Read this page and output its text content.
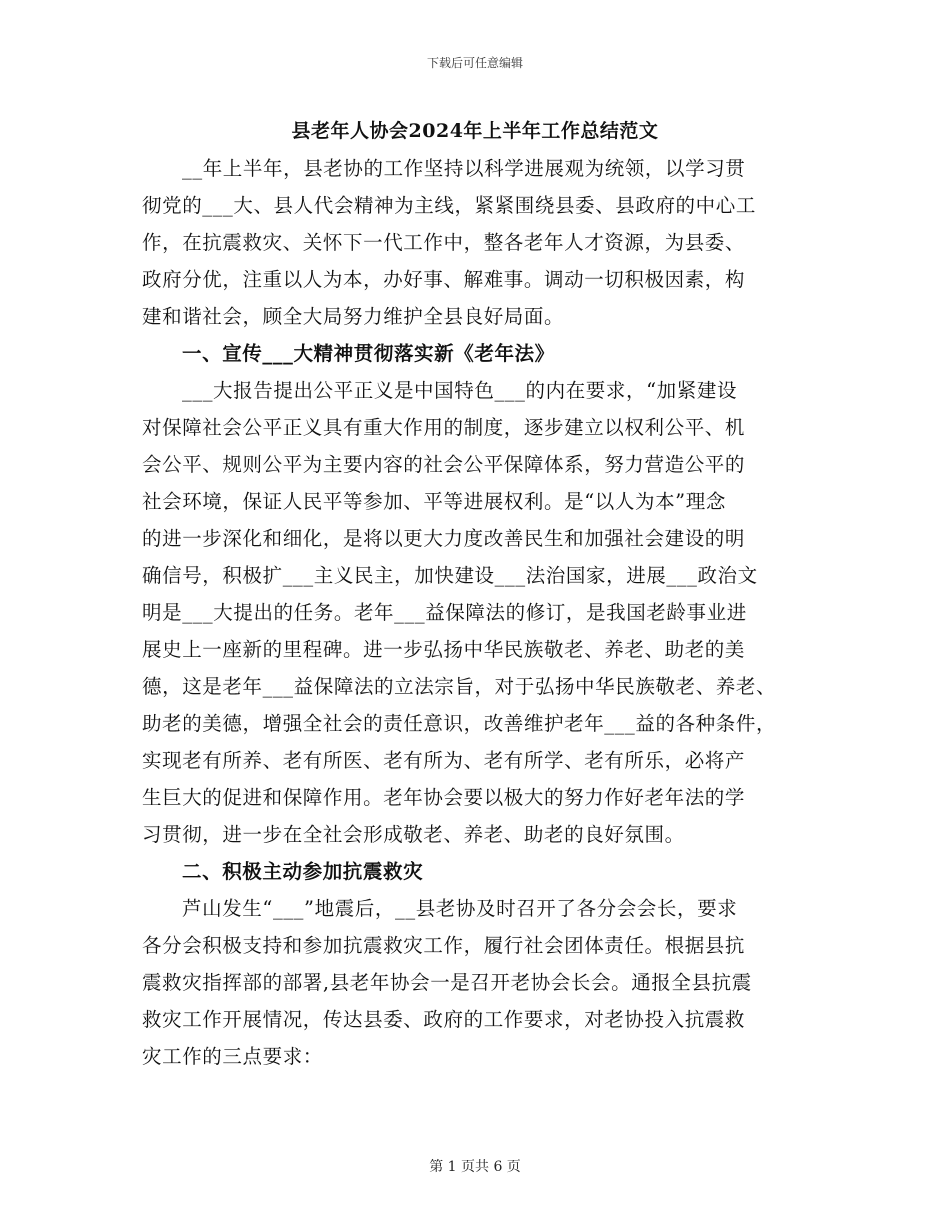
下载后可任意编辑
县老年人协会2024年上半年工作总结范文
__年上半年，县老协的工作坚持以科学进展观为统领，以学习贯
彻党的___大、县人代会精神为主线，紧紧围绕县委、县政府的中心工
作，在抗震救灾、关怀下一代工作中，整各老年人才资源，为县委、
政府分优，注重以人为本，办好事、解难事。调动一切积极因素，构
建和谐社会，顾全大局努力维护全县良好局面。
一、宣传___大精神贯彻落实新《老年法》
___大报告提出公平正义是中国特色___的内在要求，“加紧建设
对保障社会公平正义具有重大作用的制度，逐步建立以权利公平、机
会公平、规则公平为主要内容的社会公平保障体系，努力营造公平的
社会环境，保证人民平等参加、平等进展权利。是“以人为本”理念
的进一步深化和细化，是将以更大力度改善民生和加强社会建设的明
确信号，积极扩___主义民主，加快建设___法治国家，进展___政治文
明是___大提出的任务。老年___益保障法的修订，是我国老龄事业进
展史上一座新的里程碑。进一步弘扬中华民族敬老、养老、助老的美
德，这是老年___益保障法的立法宗旨，对于弘扬中华民族敬老、养老、
助老的美德，增强全社会的责任意识，改善维护老年___益的各种条件，
实现老有所养、老有所医、老有所为、老有所学、老有所乐，必将产
生巨大的促进和保障作用。老年协会要以极大的努力作好老年法的学
习贯彻，进一步在全社会形成敬老、养老、助老的良好氛围。
二、积极主动参加抗震救灾
芦山发生“___”地震后，__县老协及时召开了各分会会长，要求
各分会积极支持和参加抗震救灾工作，履行社会团体责任。根据县抗
震救灾指挥部的部署,县老年协会一是召开老协会长会。通报全县抗震
救灾工作开展情况，传达县委、政府的工作要求，对老协投入抗震救
灾工作的三点要求：
第 1 页共 6 页
